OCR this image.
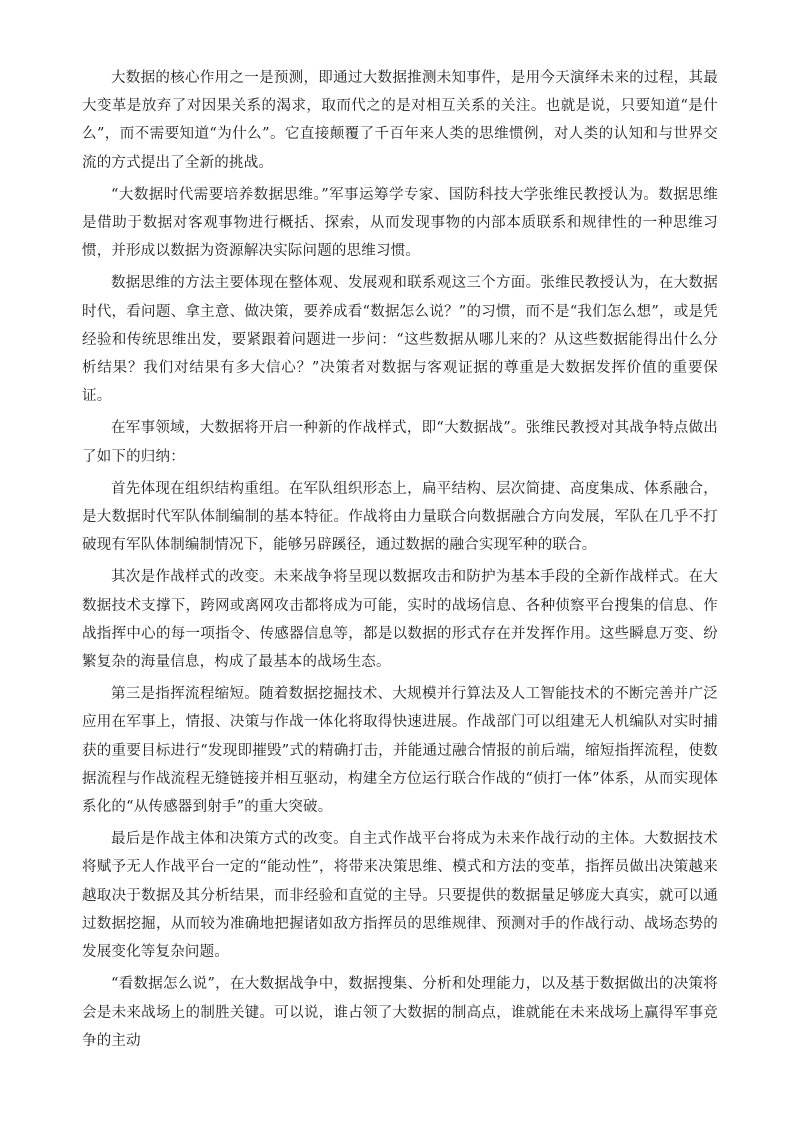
大数据的核心作用之一是预测，即通过大数据推测未知事件，是用今天演绎未来的过程，其最大变革是放弃了对因果关系的渴求，取而代之的是对相互关系的关注。也就是说，只要知道“是什么”，而不需要知道“为什么”。它直接颠覆了千百年来人类的思维惯例，对人类的认知和与世界交流的方式提出了全新的挑战。

“大数据时代需要培养数据思维。”军事运筹学专家、国防科技大学张维民教授认为。数据思维是借助于数据对客观事物进行概括、探索，从而发现事物的内部本质联系和规律性的一种思维习惯，并形成以数据为资源解决实际问题的思维习惯。

数据思维的方法主要体现在整体观、发展观和联系观这三个方面。张维民教授认为，在大数据时代，看问题、拿主意、做决策，要养成看“数据怎么说？”的习惯，而不是“我们怎么想”，或是凭经验和传统思维出发，要紧跟着问题进一步问：“这些数据从哪儿来的？从这些数据能得出什么分析结果？我们对结果有多大信心？”决策者对数据与客观证据的尊重是大数据发挥价值的重要保证。

在军事领域，大数据将开启一种新的作战样式，即“大数据战”。张维民教授对其战争特点做出了如下的归纳：

首先体现在组织结构重组。在军队组织形态上，扁平结构、层次简捷、高度集成、体系融合，是大数据时代军队体制编制的基本特征。作战将由力量联合向数据融合方向发展，军队在几乎不打破现有军队体制编制情况下，能够另辟蹊径，通过数据的融合实现军种的联合。

其次是作战样式的改变。未来战争将呈现以数据攻击和防护为基本手段的全新作战样式。在大数据技术支撑下，跨网或离网攻击都将成为可能，实时的战场信息、各种侦察平台搜集的信息、作战指挥中心的每一项指令、传感器信息等，都是以数据的形式存在并发挥作用。这些瞬息万变、纷繁复杂的海量信息，构成了最基本的战场生态。

第三是指挥流程缩短。随着数据挖掘技术、大规模并行算法及人工智能技术的不断完善并广泛应用在军事上，情报、决策与作战一体化将取得快速进展。作战部门可以组建无人机编队对实时捕获的重要目标进行“发现即摧毁”式的精确打击，并能通过融合情报的前后端，缩短指挥流程，使数据流程与作战流程无缝链接并相互驱动，构建全方位运行联合作战的“侦打一体”体系，从而实现体系化的“从传感器到射手”的重大突破。

最后是作战主体和决策方式的改变。自主式作战平台将成为未来作战行动的主体。大数据技术将赋予无人作战平台一定的“能动性”，将带来决策思维、模式和方法的变革，指挥员做出决策越来越取决于数据及其分析结果，而非经验和直觉的主导。只要提供的数据量足够庞大真实，就可以通过数据挖掘，从而较为准确地把握诸如敌方指挥员的思维规律、预测对手的作战行动、战场态势的发展变化等复杂问题。

“看数据怎么说”，在大数据战争中，数据搜集、分析和处理能力，以及基于数据做出的决策将会是未来战场上的制胜关键。可以说，谁占领了大数据的制高点，谁就能在未来战场上赢得军事竞争的主动
